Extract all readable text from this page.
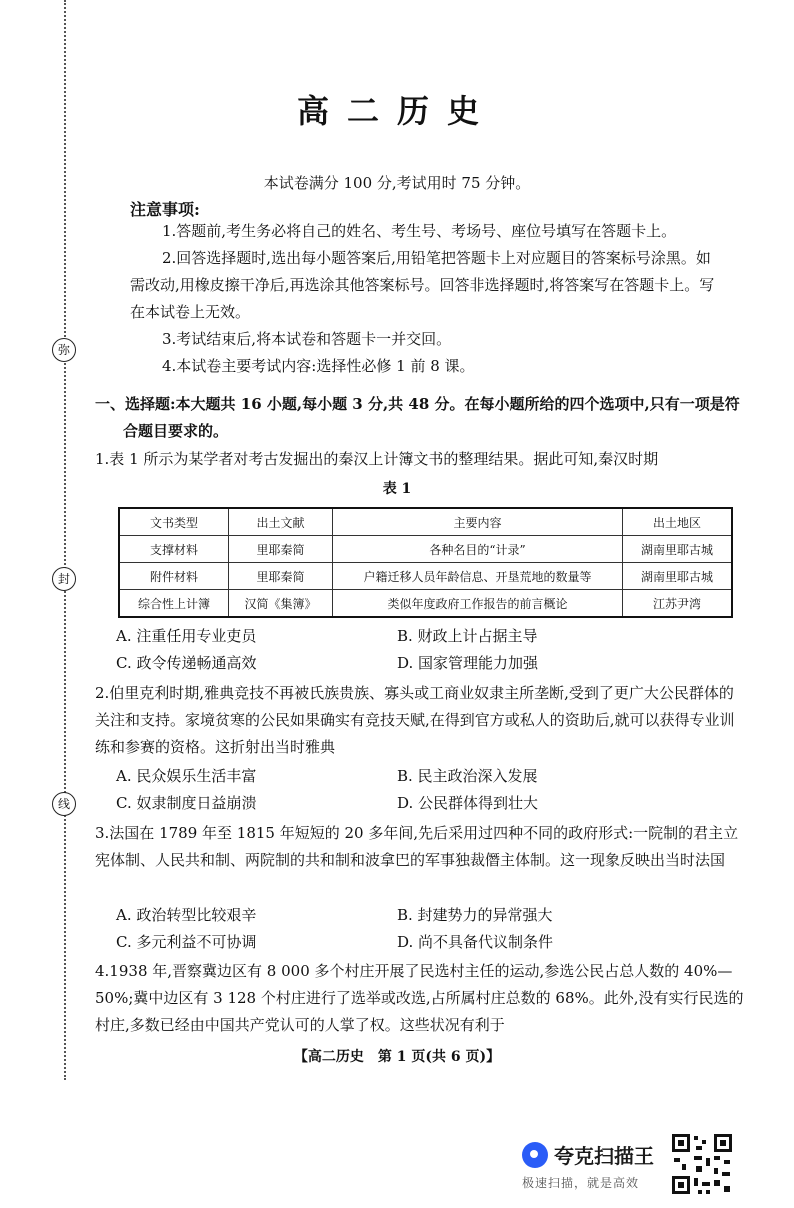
弥
封
线
高二历史
本试卷满分 100 分,考试用时 75 分钟。
注意事项:

1.答题前,考生务必将自己的姓名、考生号、考场号、座位号填写在答题卡上。

2.回答选择题时,选出每小题答案后,用铅笔把答题卡上对应题目的答案标号涂黑。如需改动,用橡皮擦干净后,再选涂其他答案标号。回答非选择题时,将答案写在答题卡上。写在本试卷上无效。

3.考试结束后,将本试卷和答题卡一并交回。

4.本试卷主要考试内容:选择性必修 1 前 8 课。

一、选择题:本大题共 16 小题,每小题 3 分,共 48 分。在每小题所给的四个选项中,只有一项是符合题目要求的。

1.表 1 所示为某学者对考古发掘出的秦汉上计簿文书的整理结果。据此可知,秦汉时期

表 1
文书类型	出土文献	主要内容	出土地区
支撑材料	里耶秦简	各种名目的“计录”	湖南里耶古城
附件材料	里耶秦简	户籍迁移人员年龄信息、开垦荒地的数量等	湖南里耶古城
综合性上计簿	汉简《集簿》	类似年度政府工作报告的前言概论	江苏尹湾
A. 注重任用专业吏员	B. 财政上计占据主导
C. 政令传递畅通高效	D. 国家管理能力加强

2.伯里克利时期,雅典竞技不再被氏族贵族、寡头或工商业奴隶主所垄断,受到了更广大公民群体的关注和支持。家境贫寒的公民如果确实有竞技天赋,在得到官方或私人的资助后,就可以获得专业训练和参赛的资格。这折射出当时雅典

A. 民众娱乐生活丰富	B. 民主政治深入发展
C. 奴隶制度日益崩溃	D. 公民群体得到壮大

3.法国在 1789 年至 1815 年短短的 20 多年间,先后采用过四种不同的政府形式:一院制的君主立宪体制、人民共和制、两院制的共和制和波拿巴的军事独裁僭主体制。这一现象反映出当时法国

A. 政治转型比较艰辛	B. 封建势力的异常强大
C. 多元利益不可协调	D. 尚不具备代议制条件

4.1938 年,晋察冀边区有 8 000 多个村庄开展了民选村主任的运动,参选公民占总人数的 40%—50%;冀中边区有 3 128 个村庄进行了选举或改选,占所属村庄总数的 68%。此外,没有实行民选的村庄,多数已经由中国共产党认可的人掌了权。这些状况有利于

【高二历史　第 1 页(共 6 页)】
夸克扫描王
极速扫描，就是高效
